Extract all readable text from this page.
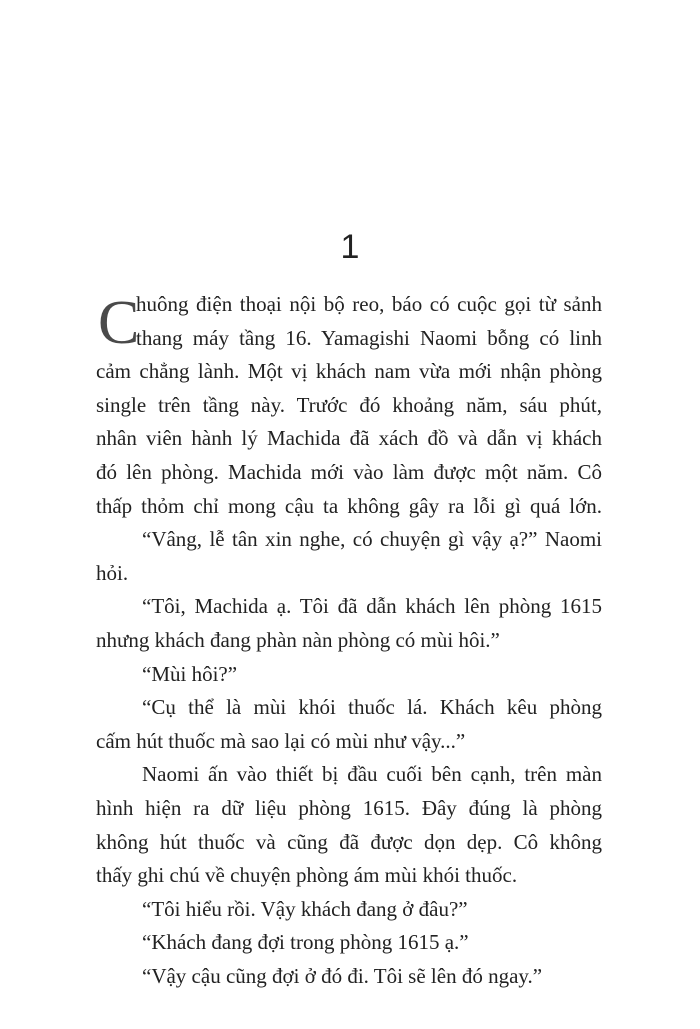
1
C
huông điện thoại nội bộ reo, báo có cuộc gọi từ sảnh
thang máy tầng 16. Yamagishi Naomi bỗng có linh
cảm chẳng lành. Một vị khách nam vừa mới nhận phòng
single trên tầng này. Trước đó khoảng năm, sáu phút,
nhân viên hành lý Machida đã xách đồ và dẫn vị khách
đó lên phòng. Machida mới vào làm được một năm. Cô
thấp thỏm chỉ mong cậu ta không gây ra lỗi gì quá lớn.
“Vâng, lễ tân xin nghe, có chuyện gì vậy ạ?” Naomi
hỏi.
“Tôi, Machida ạ. Tôi đã dẫn khách lên phòng 1615
nhưng khách đang phàn nàn phòng có mùi hôi.”
“Mùi hôi?”
“Cụ thể là mùi khói thuốc lá. Khách kêu phòng
cấm hút thuốc mà sao lại có mùi như vậy...”
Naomi ấn vào thiết bị đầu cuối bên cạnh, trên màn
hình hiện ra dữ liệu phòng 1615. Đây đúng là phòng
không hút thuốc và cũng đã được dọn dẹp. Cô không
thấy ghi chú về chuyện phòng ám mùi khói thuốc.
“Tôi hiểu rồi. Vậy khách đang ở đâu?”
“Khách đang đợi trong phòng 1615 ạ.”
“Vậy cậu cũng đợi ở đó đi. Tôi sẽ lên đó ngay.”
